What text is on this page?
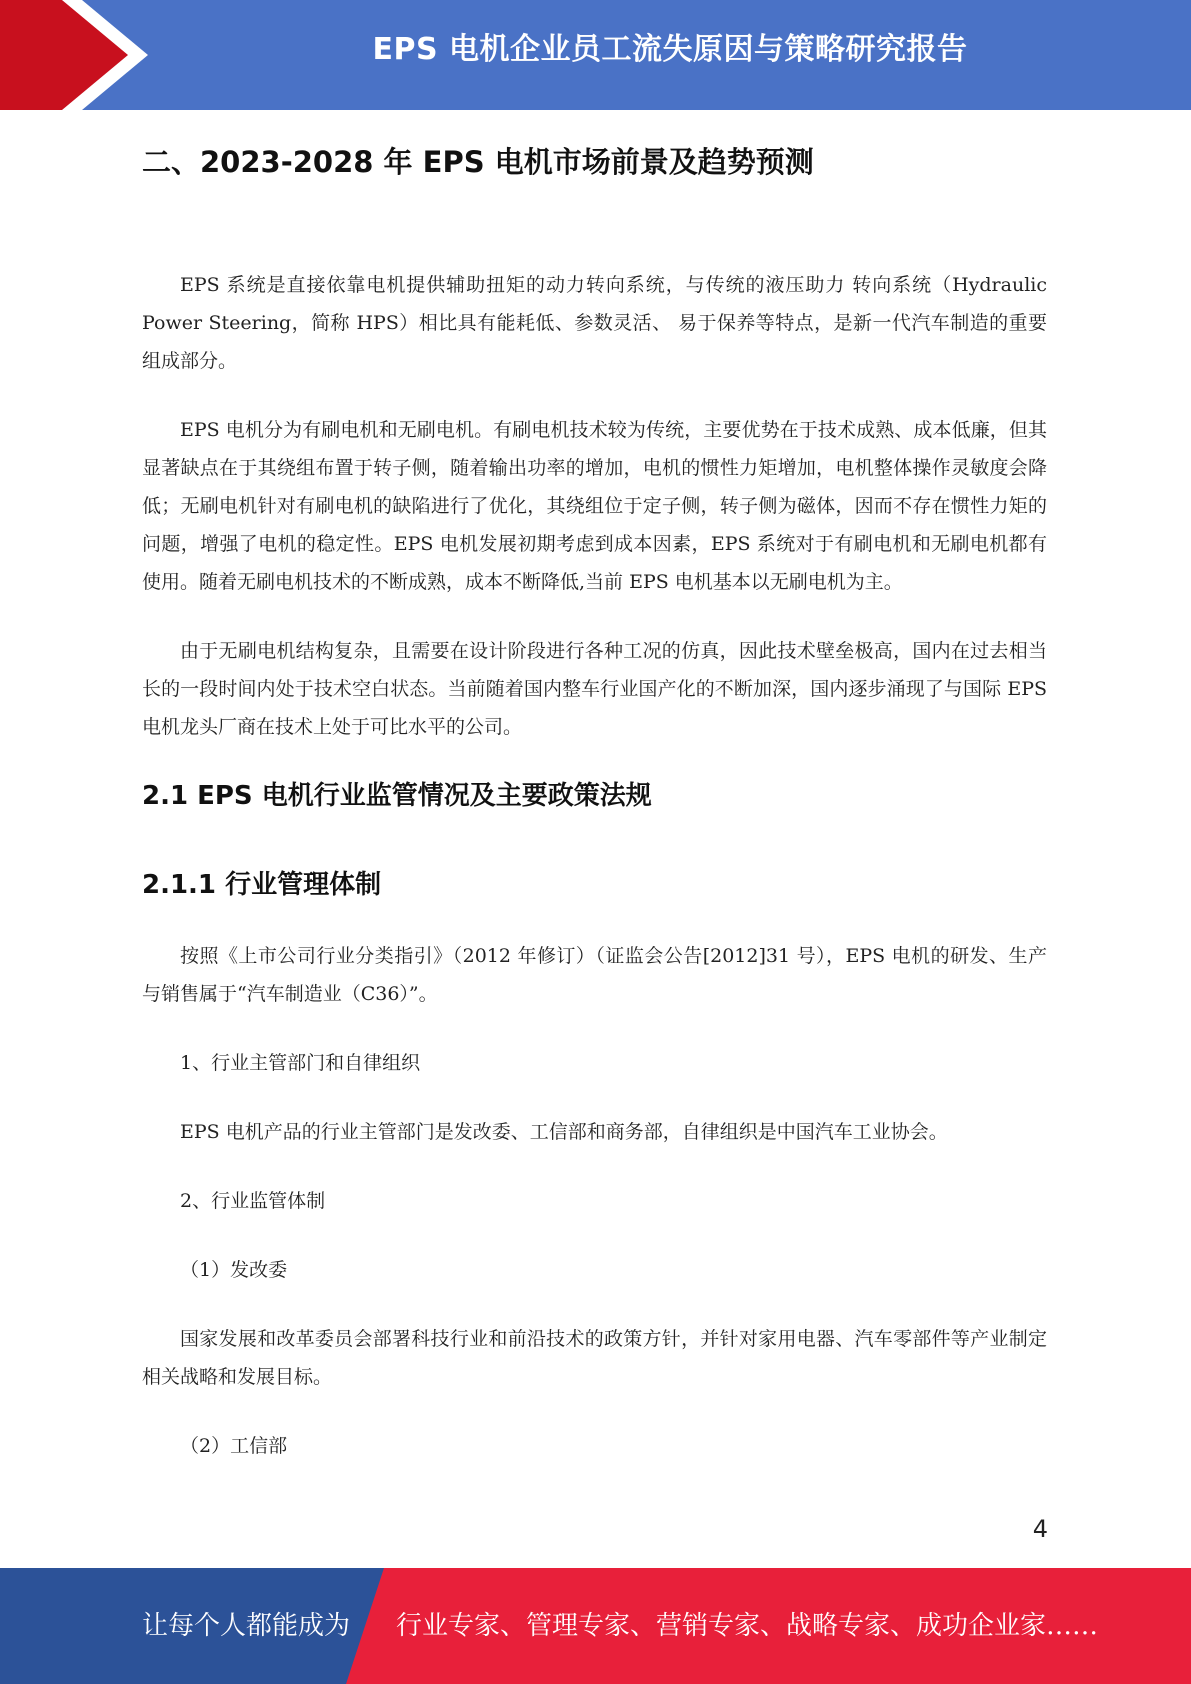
EPS 电机企业员工流失原因与策略研究报告
二、2023-2028 年 EPS 电机市场前景及趋势预测

EPS 系统是直接依靠电机提供辅助扭矩的动力转向系统，与传统的液压助力 转向系统（Hydraulic Power Steering，简称 HPS）相比具有能耗低、参数灵活、 易于保养等特点，是新一代汽车制造的重要组成部分。

EPS 电机分为有刷电机和无刷电机。有刷电机技术较为传统，主要优势在于技术成熟、成本低廉，但其显著缺点在于其绕组布置于转子侧，随着输出功率的增加，电机的惯性力矩增加，电机整体操作灵敏度会降低；无刷电机针对有刷电机的缺陷进行了优化，其绕组位于定子侧，转子侧为磁体，因而不存在惯性力矩的问题，增强了电机的稳定性。EPS 电机发展初期考虑到成本因素，EPS 系统对于有刷电机和无刷电机都有使用。随着无刷电机技术的不断成熟，成本不断降低,当前 EPS 电机基本以无刷电机为主。

由于无刷电机结构复杂，且需要在设计阶段进行各种工况的仿真，因此技术壁垒极高，国内在过去相当长的一段时间内处于技术空白状态。当前随着国内整车行业国产化的不断加深，国内逐步涌现了与国际 EPS 电机龙头厂商在技术上处于可比水平的公司。

2.1 EPS 电机行业监管情况及主要政策法规
2.1.1 行业管理体制

按照《上市公司行业分类指引》（2012 年修订）（证监会公告[2012]31 号），EPS 电机的研发、生产与销售属于“汽车制造业（C36）”。

1、行业主管部门和自律组织

EPS 电机产品的行业主管部门是发改委、工信部和商务部，自律组织是中国汽车工业协会。

2、行业监管体制

（1）发改委

国家发展和改革委员会部署科技行业和前沿技术的政策方针，并针对家用电器、汽车零部件等产业制定相关战略和发展目标。

（2）工信部

4
让每个人都能成为 行业专家、管理专家、营销专家、战略专家、成功企业家……
